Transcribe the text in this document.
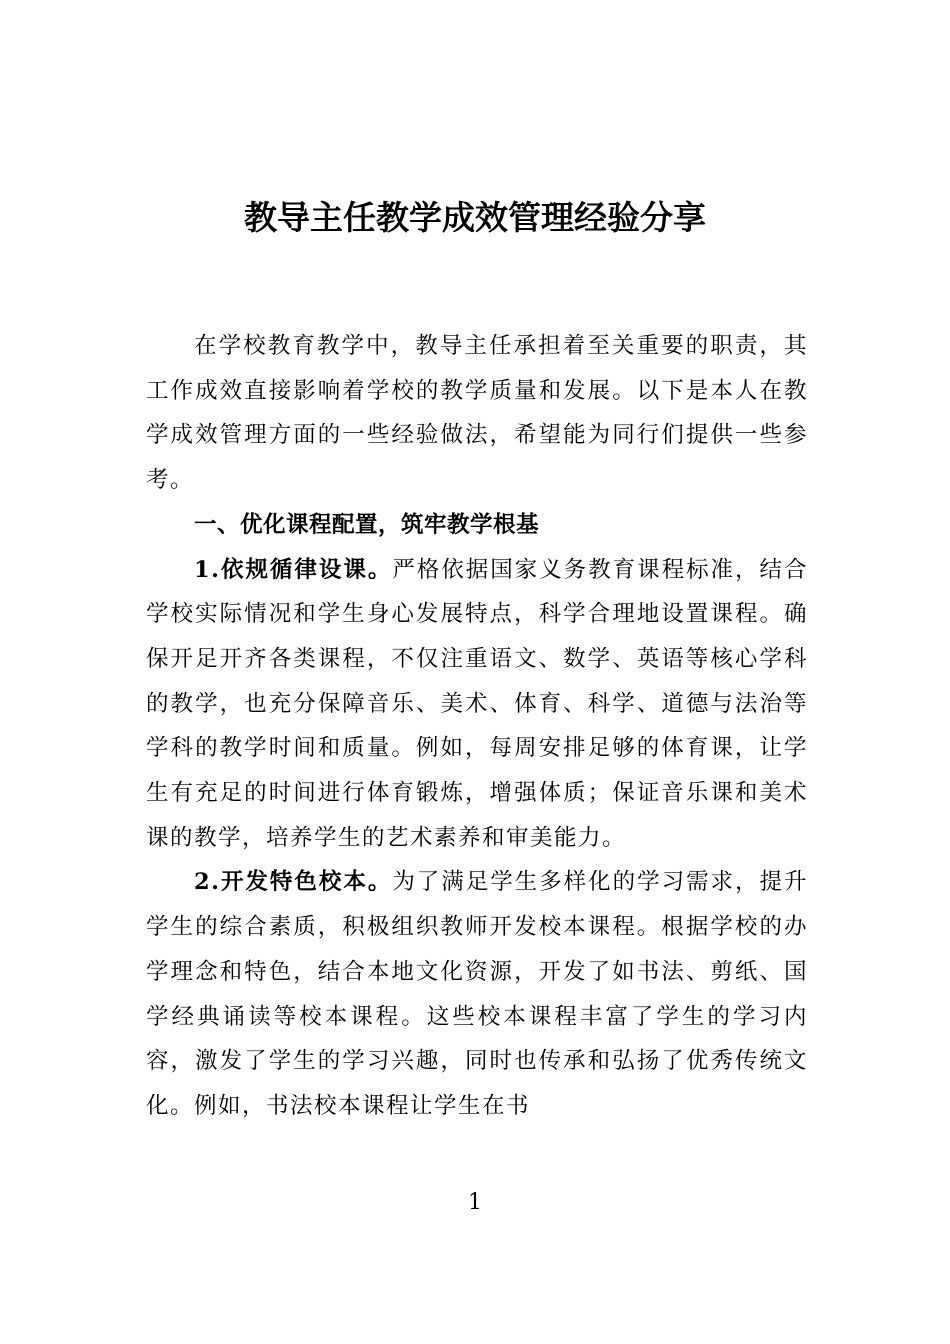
教导主任教学成效管理经验分享

在学校教育教学中，教导主任承担着至关重要的职责，其工作成效直接影响着学校的教学质量和发展。以下是本人在教学成效管理方面的一些经验做法，希望能为同行们提供一些参考。

一、优化课程配置，筑牢教学根基

1.依规循律设课。严格依据国家义务教育课程标准，结合学校实际情况和学生身心发展特点，科学合理地设置课程。确保开足开齐各类课程，不仅注重语文、数学、英语等核心学科的教学，也充分保障音乐、美术、体育、科学、道德与法治等学科的教学时间和质量。例如，每周安排足够的体育课，让学生有充足的时间进行体育锻炼，增强体质；保证音乐课和美术课的教学，培养学生的艺术素养和审美能力。

2.开发特色校本。为了满足学生多样化的学习需求，提升学生的综合素质，积极组织教师开发校本课程。根据学校的办学理念和特色，结合本地文化资源，开发了如书法、剪纸、国学经典诵读等校本课程。这些校本课程丰富了学生的学习内容，激发了学生的学习兴趣，同时也传承和弘扬了优秀传统文化。例如，书法校本课程让学生在书

1
